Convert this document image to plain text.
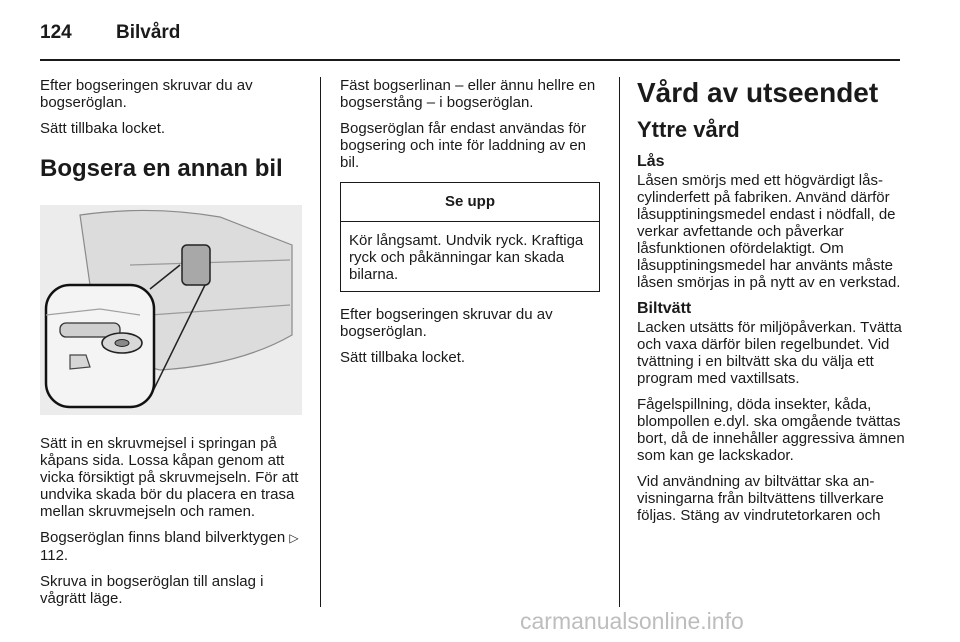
124 Bilvård

Efter bogseringen skruvar du av bogseröglan.

Sätt tillbaka locket.

Bogsera en annan bil

Sätt in en skruvmejsel i springan på kåpans sida. Lossa kåpan genom att vicka försiktigt på skruvmejseln. För att undvika skada bör du placera en trasa mellan skruvmejseln och ramen.

Bogseröglan finns bland bilverktygen ▷ 112.

Skruva in bogseröglan till anslag i vågrätt läge.

Fäst bogserlinan – eller ännu hellre en bogserstång – i bogseröglan.

Bogseröglan får endast användas för bogsering och inte för laddning av en bil.

Se upp
Kör långsamt. Undvik ryck. Kraftiga ryck och påkänningar kan skada bilarna.

Efter bogseringen skruvar du av bogseröglan.

Sätt tillbaka locket.

Vård av utseendet
Yttre vård
Lås

Låsen smörjs med ett högvärdigt låscylinderfett på fabriken. Använd därför låsupptiningsmedel endast i nödfall, de verkar avfettande och påverkar låsfunktionen ofördelaktigt. Om låsupptiningsmedel har använts måste låsen smörjas in på nytt av en verkstad.

Biltvätt

Lacken utsätts för miljöpåverkan. Tvätta och vaxa därför bilen regelbundet. Vid tvättning i en biltvätt ska du välja ett program med vaxtillsats.

Fågelspillning, döda insekter, kåda, blompollen e.dyl. ska omgående tvättas bort, då de innehåller aggressiva ämnen som kan ge lackskador.

Vid användning av biltvättar ska anvisningarna från biltvättens tillverkare följas. Stäng av vindrutetorkaren och

carmanualsonline.info
